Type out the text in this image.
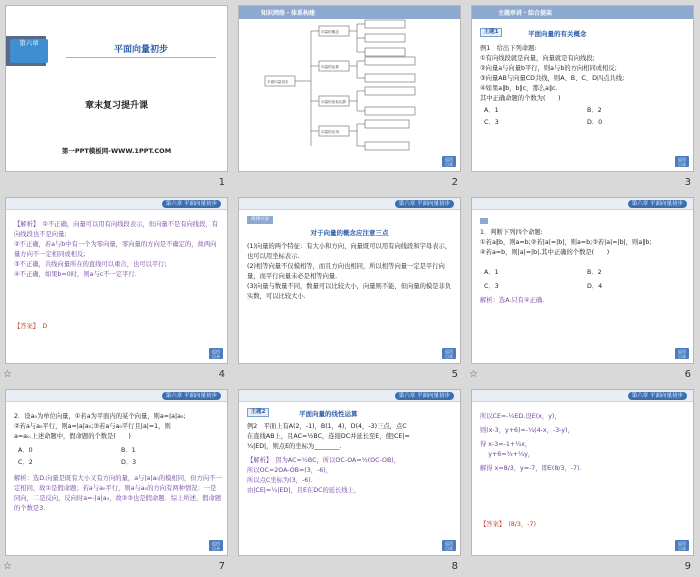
第六章
平面向量初步
章末复习提升课
第一PPT模板网-WWW.1PPT.COM
1
知识网络・体系构建
平面向量初步
向量的概念
向量的运算
向量的坐标运算
向量的应用
返回
目录
2
主题串讲・综合提高
主题1	平面向量的有关概念
例1　给出下列命题:
①有向线段就是向量，向量就是有向线段;
②向量a与向量b平行，则a与b的方向相同或相反;
③向量AB与向量CD共线，则A、B、C、D四点共线;
④如果a∥b，b∥c，那么a∥c.
其中正确命题的个数为(　　)
A．1	B．2
C．3	D．0
返回
目录
3
第六章 平面向量初步
【解析】　①不正确，向量可以用有向线段表示，但向量不是有向线段，有向线段也不是向量;
②不正确，若a与b中有一个为零向量，零向量的方向是不确定的，故两向量方向不一定相同或相反;
③不正确，共线向量所在的直线可以重合，也可以平行;
④不正确，如果b=0时，则a与c不一定平行.
【答案】　D
返回
目录
☆	4
第六章 平面向量初步
规律方法
对于向量的概念应注意三点
(1)向量的两个特征：有大小和方向，向量既可以用有向线段和字母表示，也可以用坐标表示.
(2)相等向量不仅模相等，而且方向也相同，所以相等向量一定是平行向量，而平行向量未必是相等向量.
(3)向量与数量不同，数量可以比较大小，向量则不能，但向量的模是非负实数，可以比较大小.
返回
目录
5
第六章 平面向量初步
1．判断下列四个命题:
①若a∥b，则a=b;②若|a|=|b|，则a=b;③若|a|=|b|，则a∥b;
④若a=b，则|a|=|b|.其中正确的个数是(　　)
A．1	B．2
C．3	D．4
解析：选A.只有④正确.
返回
目录
☆	6
第六章 平面向量初步
2．设a₀为单位向量，①若a为平面内的某个向量，则a=|a|a₀;
②若a与a₀平行，则a=|a|a₀;③若a与a₀平行且|a|=1，则
a=a₀.上述命题中，假命题的个数是(　　)
A．0	B．1
C．2	D．3
解析：选D.向量是既有大小又有方向的量，a与|a|a₀的模相同，但方向不一定相同，故①是假命题；若a与a₀平行，则a与a₀的方向有两种情况：一是同向，二是反向，反向时a=-|a|a₀，故②③也是假命题．综上所述，假命题的个数是3.
返回
目录
☆	7
第六章 平面向量初步
主题2	平面向量的线性运算
例2　平面上有A(2，-1)，B(1，4)，D(4，-3)三点，点C
在直线AB上，且AC=½BC，连接DC并延长至E，使|CE|=
¼|ED|，则点E的坐标为________.
【解析】　因为AC=½BC，所以OC-OA=½(OC-OB)，
所以OC=2OA-OB=(3，-6)，
所以点C坐标为(3，-6).
由|CE|=¼|ED|，且E在DC的延长线上，
返回
目录
8
第六章 平面向量初步
所以CE=-¼ED.设E(x，y)，
则(x-3，y+6)=-¼(4-x，-3-y)，
得 x-3=-1+¼x，
　 y+6=¾+¼y，
解得 x=8/3，y=-7，即E(8/3，-7).
【答案】　(8/3，-7)
返回
目录
9
